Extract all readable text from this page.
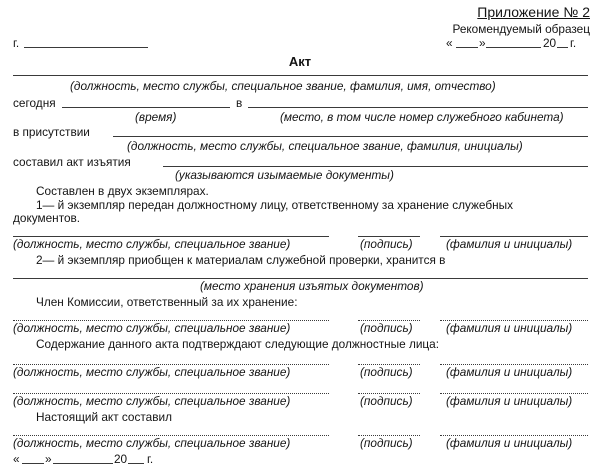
Приложение № 2
Рекомендуемый образец
г.	« »	20 г.
Акт
(должность, место службы, специальное звание, фамилия, имя, отчество)
сегодня	в
(время)	(место, в том числе номер служебного кабинета)
в присутствии
(должность, место службы, специальное звание, фамилия, инициалы)
составил акт изъятия
(указываются изымаемые документы)
Составлен в двух экземплярах.
1— й экземпляр передан должностному лицу, ответственному за хранение служебных
документов.
(должность, место службы, специальное звание)	(подпись)	(фамилия и инициалы)
2— й экземпляр приобщен к материалам служебной проверки, хранится в
(место хранения изъятых документов)
Член Комиссии, ответственный за их хранение:
(должность, место службы, специальное звание)	(подпись)	(фамилия и инициалы)
Содержание данного акта подтверждают следующие должностные лица:
(должность, место службы, специальное звание)	(подпись)	(фамилия и инициалы)
(должность, место службы, специальное звание)	(подпись)	(фамилия и инициалы)
Настоящий акт составил
(должность, место службы, специальное звание)	(подпись)	(фамилия и инициалы)
« »	20 г.
